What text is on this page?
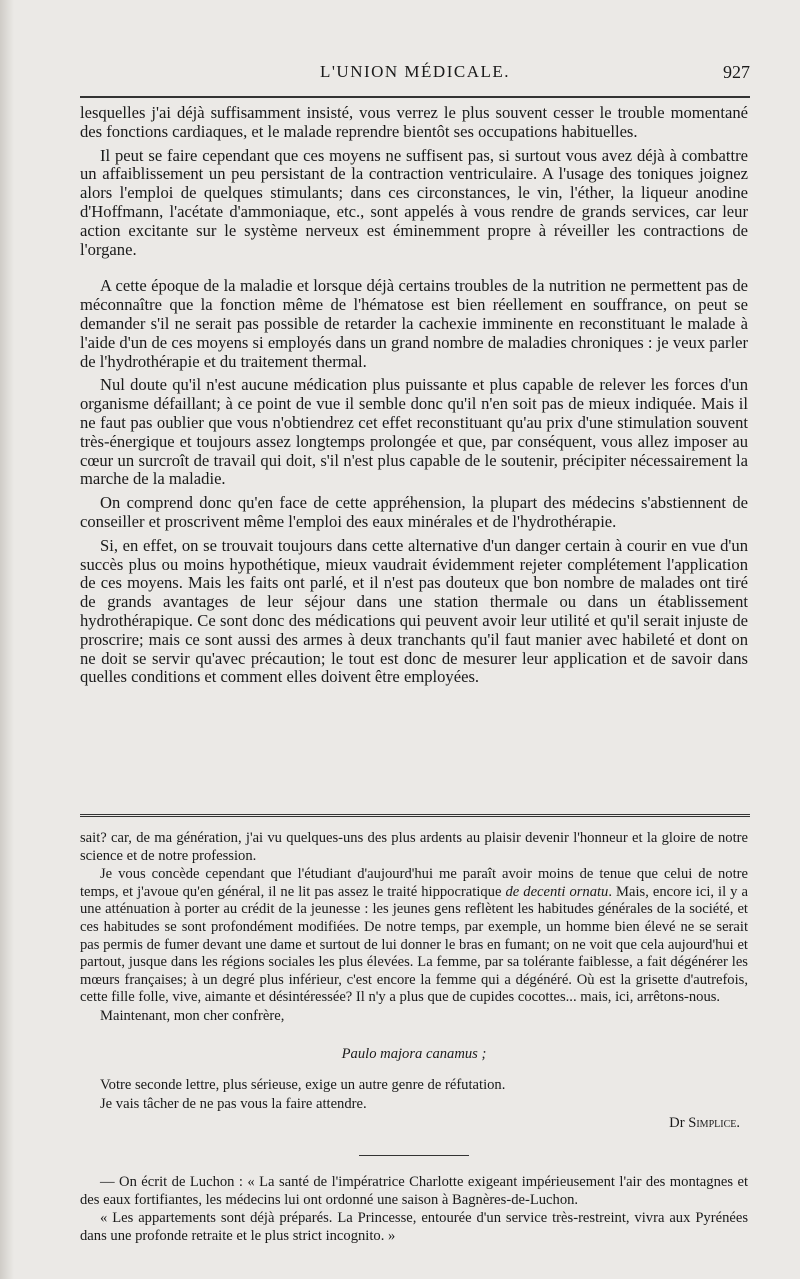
L'UNION MÉDICALE.	927

lesquelles j'ai déjà suffisamment insisté, vous verrez le plus souvent cesser le trouble momentané des fonctions cardiaques, et le malade reprendre bientôt ses occupations habituelles.

Il peut se faire cependant que ces moyens ne suffisent pas, si surtout vous avez déjà à combattre un affaiblissement un peu persistant de la contraction ventriculaire. A l'usage des toniques joignez alors l'emploi de quelques stimulants; dans ces circonstances, le vin, l'éther, la liqueur anodine d'Hoffmann, l'acétate d'ammoniaque, etc., sont appelés à vous rendre de grands services, car leur action excitante sur le système nerveux est éminemment propre à réveiller les contractions de l'organe.

A cette époque de la maladie et lorsque déjà certains troubles de la nutrition ne permettent pas de méconnaître que la fonction même de l'hématose est bien réellement en souffrance, on peut se demander s'il ne serait pas possible de retarder la cachexie imminente en reconstituant le malade à l'aide d'un de ces moyens si employés dans un grand nombre de maladies chroniques : je veux parler de l'hydrothérapie et du traitement thermal.

Nul doute qu'il n'est aucune médication plus puissante et plus capable de relever les forces d'un organisme défaillant; à ce point de vue il semble donc qu'il n'en soit pas de mieux indiquée. Mais il ne faut pas oublier que vous n'obtiendrez cet effet reconstituant qu'au prix d'une stimulation souvent très-énergique et toujours assez longtemps prolongée et que, par conséquent, vous allez imposer au cœur un surcroît de travail qui doit, s'il n'est plus capable de le soutenir, précipiter nécessairement la marche de la maladie.

On comprend donc qu'en face de cette appréhension, la plupart des médecins s'abstiennent de conseiller et proscrivent même l'emploi des eaux minérales et de l'hydrothérapie.

Si, en effet, on se trouvait toujours dans cette alternative d'un danger certain à courir en vue d'un succès plus ou moins hypothétique, mieux vaudrait évidemment rejeter complétement l'application de ces moyens. Mais les faits ont parlé, et il n'est pas douteux que bon nombre de malades ont tiré de grands avantages de leur séjour dans une station thermale ou dans un établissement hydrothérapique. Ce sont donc des médications qui peuvent avoir leur utilité et qu'il serait injuste de proscrire; mais ce sont aussi des armes à deux tranchants qu'il faut manier avec habileté et dont on ne doit se servir qu'avec précaution; le tout est donc de mesurer leur application et de savoir dans quelles conditions et comment elles doivent être employées.

sait? car, de ma génération, j'ai vu quelques-uns des plus ardents au plaisir devenir l'honneur et la gloire de notre science et de notre profession.

Je vous concède cependant que l'étudiant d'aujourd'hui me paraît avoir moins de tenue que celui de notre temps, et j'avoue qu'en général, il ne lit pas assez le traité hippocratique de decenti ornatu. Mais, encore ici, il y a une atténuation à porter au crédit de la jeunesse : les jeunes gens reflètent les habitudes générales de la société, et ces habitudes se sont profondément modifiées. De notre temps, par exemple, un homme bien élevé ne se serait pas permis de fumer devant une dame et surtout de lui donner le bras en fumant; on ne voit que cela aujourd'hui et partout, jusque dans les régions sociales les plus élevées. La femme, par sa tolérante faiblesse, a fait dégénérer les mœurs françaises; à un degré plus inférieur, c'est encore la femme qui a dégénéré. Où est la grisette d'autrefois, cette fille folle, vive, aimante et désintéressée? Il n'y a plus que de cupides cocottes... mais, ici, arrêtons-nous.

Maintenant, mon cher confrère,

Paulo majora canamus ;

Votre seconde lettre, plus sérieuse, exige un autre genre de réfutation.

Je vais tâcher de ne pas vous la faire attendre.

Dr Simplice.

— On écrit de Luchon : « La santé de l'impératrice Charlotte exigeant impérieusement l'air des montagnes et des eaux fortifiantes, les médecins lui ont ordonné une saison à Bagnères-de-Luchon.

« Les appartements sont déjà préparés. La Princesse, entourée d'un service très-restreint, vivra aux Pyrénées dans une profonde retraite et le plus strict incognito. »
